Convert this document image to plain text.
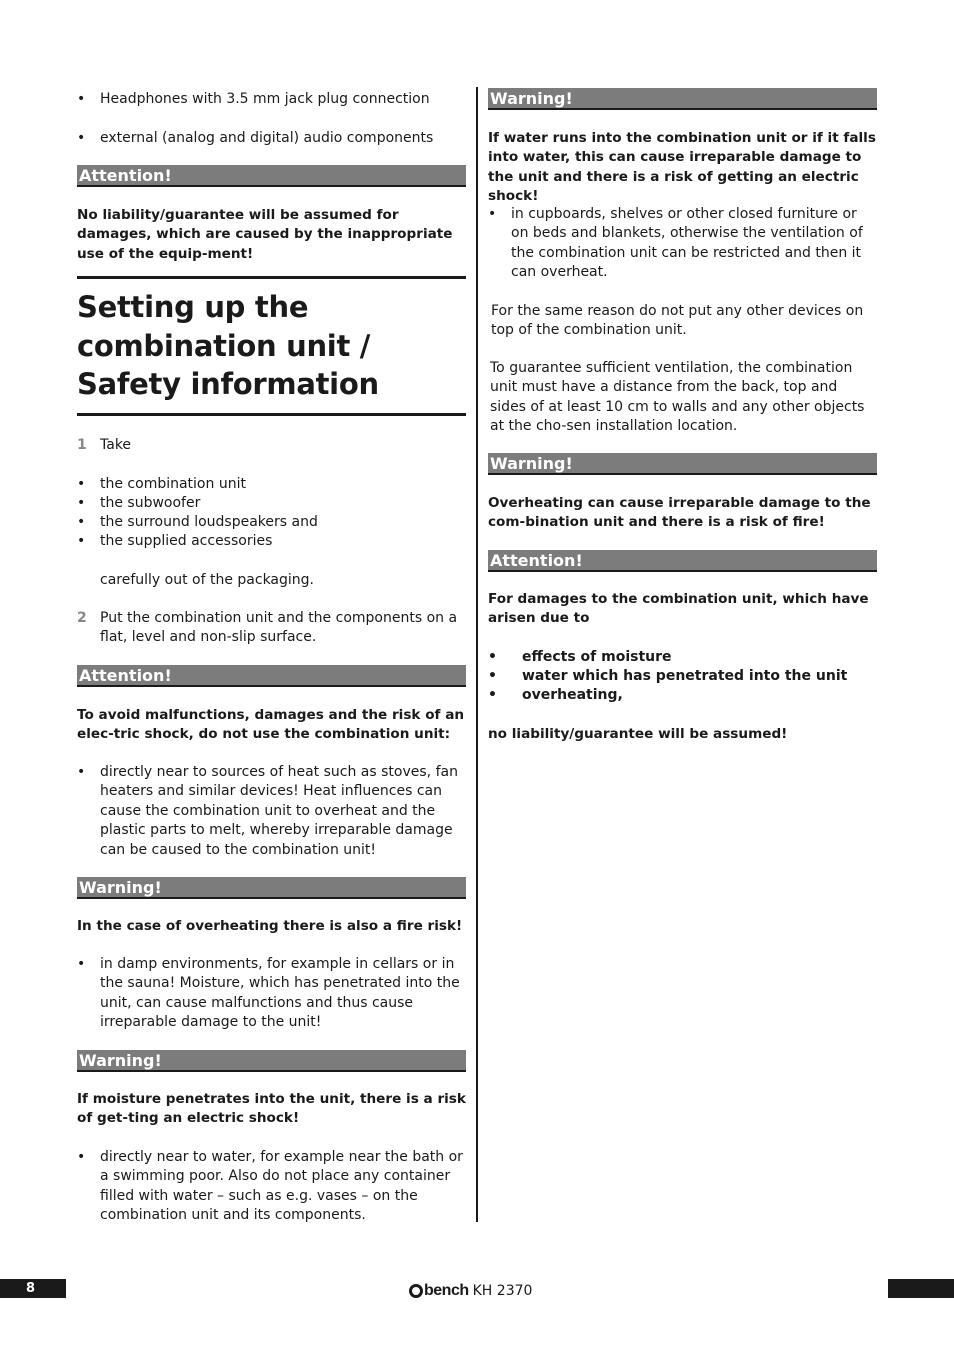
• Headphones with 3.5 mm jack plug connection
• external (analog and digital) audio components
Attention!

No liability/guarantee will be assumed for damages, which are caused by the inappropriate use of the equip-ment!

Setting up the
combination unit /
Safety information
1 Take
• the combination unit
• the subwoofer
• the surround loudspeakers and
• the supplied accessories

carefully out of the packaging.

2 Put the combination unit and the components on a flat, level and non-slip surface.
Attention!

To avoid malfunctions, damages and the risk of an elec-tric shock, do not use the combination unit:

• directly near to sources of heat such as stoves, fan heaters and similar devices! Heat influences can cause the combination unit to overheat and the plastic parts to melt, whereby irreparable damage can be caused to the combination unit!
Warning!

In the case of overheating there is also a fire risk!

• in damp environments, for example in cellars or in the sauna! Moisture, which has penetrated into the unit, can cause malfunctions and thus cause irreparable damage to the unit!
Warning!

If moisture penetrates into the unit, there is a risk of get-ting an electric shock!

• directly near to water, for example near the bath or a swimming poor. Also do not place any container filled with water – such as e.g. vases – on the combination unit and its components.
Warning!

If water runs into the combination unit or if it falls into water, this can cause irreparable damage to the unit and there is a risk of getting an electric shock!

• in cupboards, shelves or other closed furniture or on beds and blankets, otherwise the ventilation of the combination unit can be restricted and then it can overheat.

For the same reason do not put any other devices on top of the combination unit.

To guarantee sufficient ventilation, the combination unit must have a distance from the back, top and sides of at least 10 cm to walls and any other objects at the cho-sen installation location.

Warning!

Overheating can cause irreparable damage to the com-bination unit and there is a risk of fire!

Attention!

For damages to the combination unit, which have arisen due to

• effects of moisture
• water which has penetrated into the unit
• overheating,

no liability/guarantee will be assumed!

8	bench KH 2370
